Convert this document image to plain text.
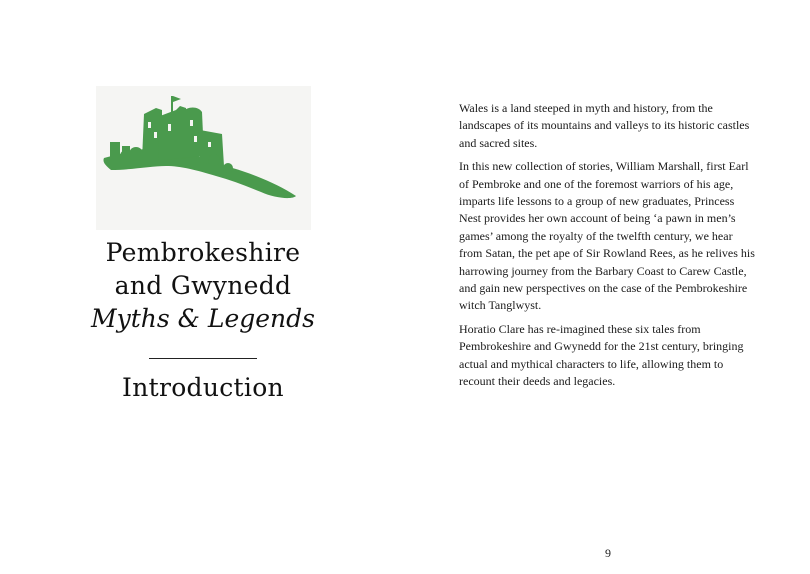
Pembrokeshire
and Gwynedd
Myths & Legends
Introduction

Wales is a land steeped in myth and history, from the landscapes of its mountains and valleys to its historic castles and sacred sites.

In this new collection of stories, William Marshall, first Earl of Pembroke and one of the foremost warriors of his age, imparts life lessons to a group of new graduates, Princess Nest provides her own account of being ‘a pawn in men’s games’ among the royalty of the twelfth century, we hear from Satan, the pet ape of Sir Rowland Rees, as he relives his harrowing journey from the Barbary Coast to Carew Castle, and gain new perspectives on the case of the Pembrokeshire witch Tanglwyst.

Horatio Clare has re-imagined these six tales from Pembrokeshire and Gwynedd for the 21st century, bringing actual and mythical characters to life, allowing them to recount their deeds and legacies.

9
